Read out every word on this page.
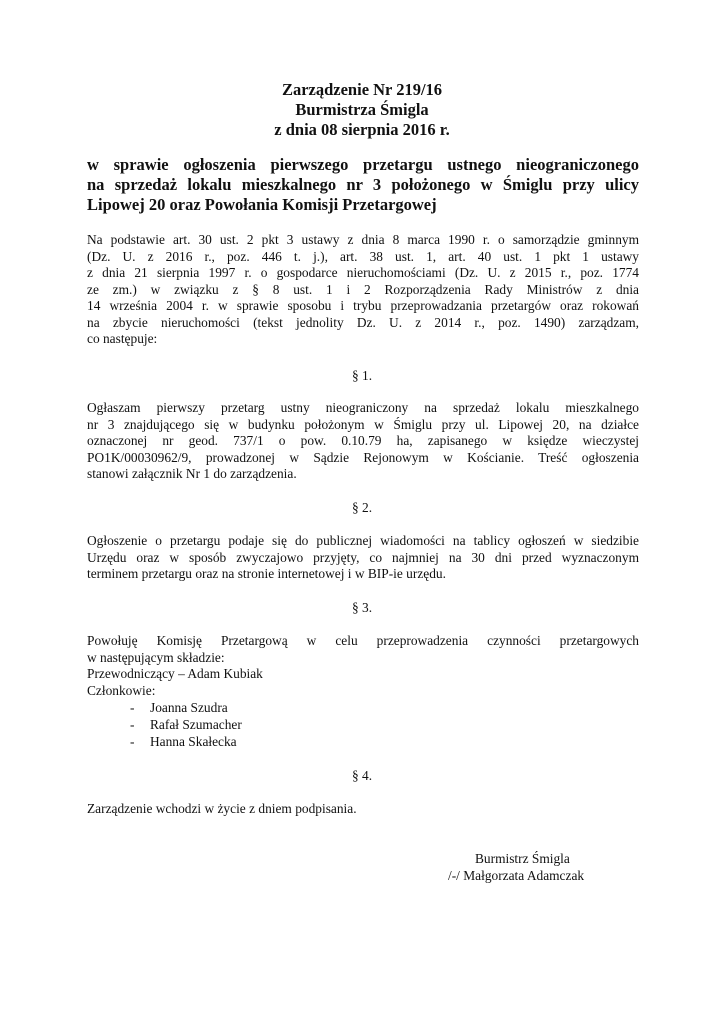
Zarządzenie Nr 219/16
Burmistrza Śmigla
z dnia 08 sierpnia 2016 r.
w sprawie ogłoszenia pierwszego przetargu ustnego nieograniczonego
na sprzedaż lokalu mieszkalnego nr 3 położonego w Śmiglu przy ulicy
Lipowej 20 oraz Powołania Komisji Przetargowej
Na podstawie art. 30 ust. 2 pkt 3 ustawy z dnia 8 marca 1990 r. o samorządzie gminnym
(Dz. U. z 2016 r., poz. 446 t. j.), art. 38 ust. 1, art. 40 ust. 1 pkt 1 ustawy
z dnia 21 sierpnia 1997 r. o gospodarce nieruchomościami (Dz. U. z 2015 r., poz. 1774
ze zm.) w związku z § 8 ust. 1 i 2 Rozporządzenia Rady Ministrów z dnia
14 września 2004 r. w sprawie sposobu i trybu przeprowadzania przetargów oraz rokowań
na zbycie nieruchomości (tekst jednolity Dz. U. z 2014 r., poz. 1490) zarządzam,
co następuje:
§ 1.
Ogłaszam pierwszy przetarg ustny nieograniczony na sprzedaż lokalu mieszkalnego
nr 3 znajdującego się w budynku położonym w Śmiglu przy ul. Lipowej 20, na działce
oznaczonej nr geod. 737/1 o pow. 0.10.79 ha, zapisanego w księdze wieczystej
PO1K/00030962/9, prowadzonej w Sądzie Rejonowym w Kościanie. Treść ogłoszenia
stanowi załącznik Nr 1 do zarządzenia.
§ 2.
Ogłoszenie o przetargu podaje się do publicznej wiadomości na tablicy ogłoszeń w siedzibie
Urzędu oraz w sposób zwyczajowo przyjęty, co najmniej na 30 dni przed wyznaczonym
terminem przetargu oraz na stronie internetowej i w BIP-ie urzędu.
§ 3.
Powołuję Komisję Przetargową w celu przeprowadzenia czynności przetargowych
w następującym składzie:
Przewodniczący – Adam Kubiak
Członkowie:
- Joanna Szudra
- Rafał Szumacher
- Hanna Skałecka
§ 4.
Zarządzenie wchodzi w życie z dniem podpisania.
Burmistrz Śmigla
/-/ Małgorzata Adamczak
